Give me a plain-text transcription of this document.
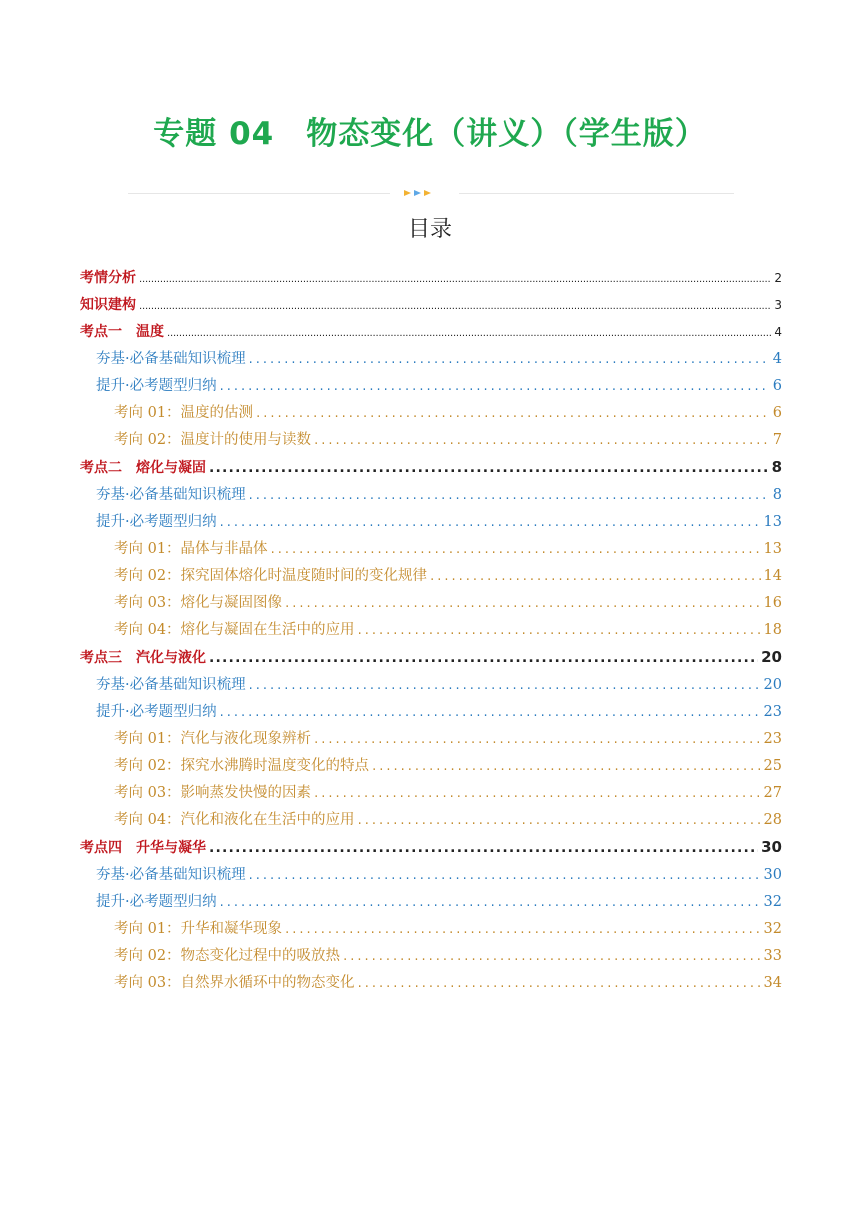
专题 04　物态变化（讲义）（学生版）
目录
考情分析 .....	2
知识建构 .....	3
考点一　温度 .....	4
夯基·必备基础知识梳理 .....	4
提升·必考题型归纳 .....	6
考向 01：温度的估测 .....	6
考向 02：温度计的使用与读数 .....	7
考点二　熔化与凝固 .....	8
夯基·必备基础知识梳理 .....	8
提升·必考题型归纳 .....	13
考向 01：晶体与非晶体 .....	13
考向 02：探究固体熔化时温度随时间的变化规律 .....	14
考向 03：熔化与凝固图像 .....	16
考向 04：熔化与凝固在生活中的应用 .....	18
考点三　汽化与液化 .....	20
夯基·必备基础知识梳理 .....	20
提升·必考题型归纳 .....	23
考向 01：汽化与液化现象辨析 .....	23
考向 02：探究水沸腾时温度变化的特点 .....	25
考向 03：影响蒸发快慢的因素 .....	27
考向 04：汽化和液化在生活中的应用 .....	28
考点四　升华与凝华 .....	30
夯基·必备基础知识梳理 .....	30
提升·必考题型归纳 .....	32
考向 01：升华和凝华现象 .....	32
考向 02：物态变化过程中的吸放热 .....	33
考向 03：自然界水循环中的物态变化 .....	34
